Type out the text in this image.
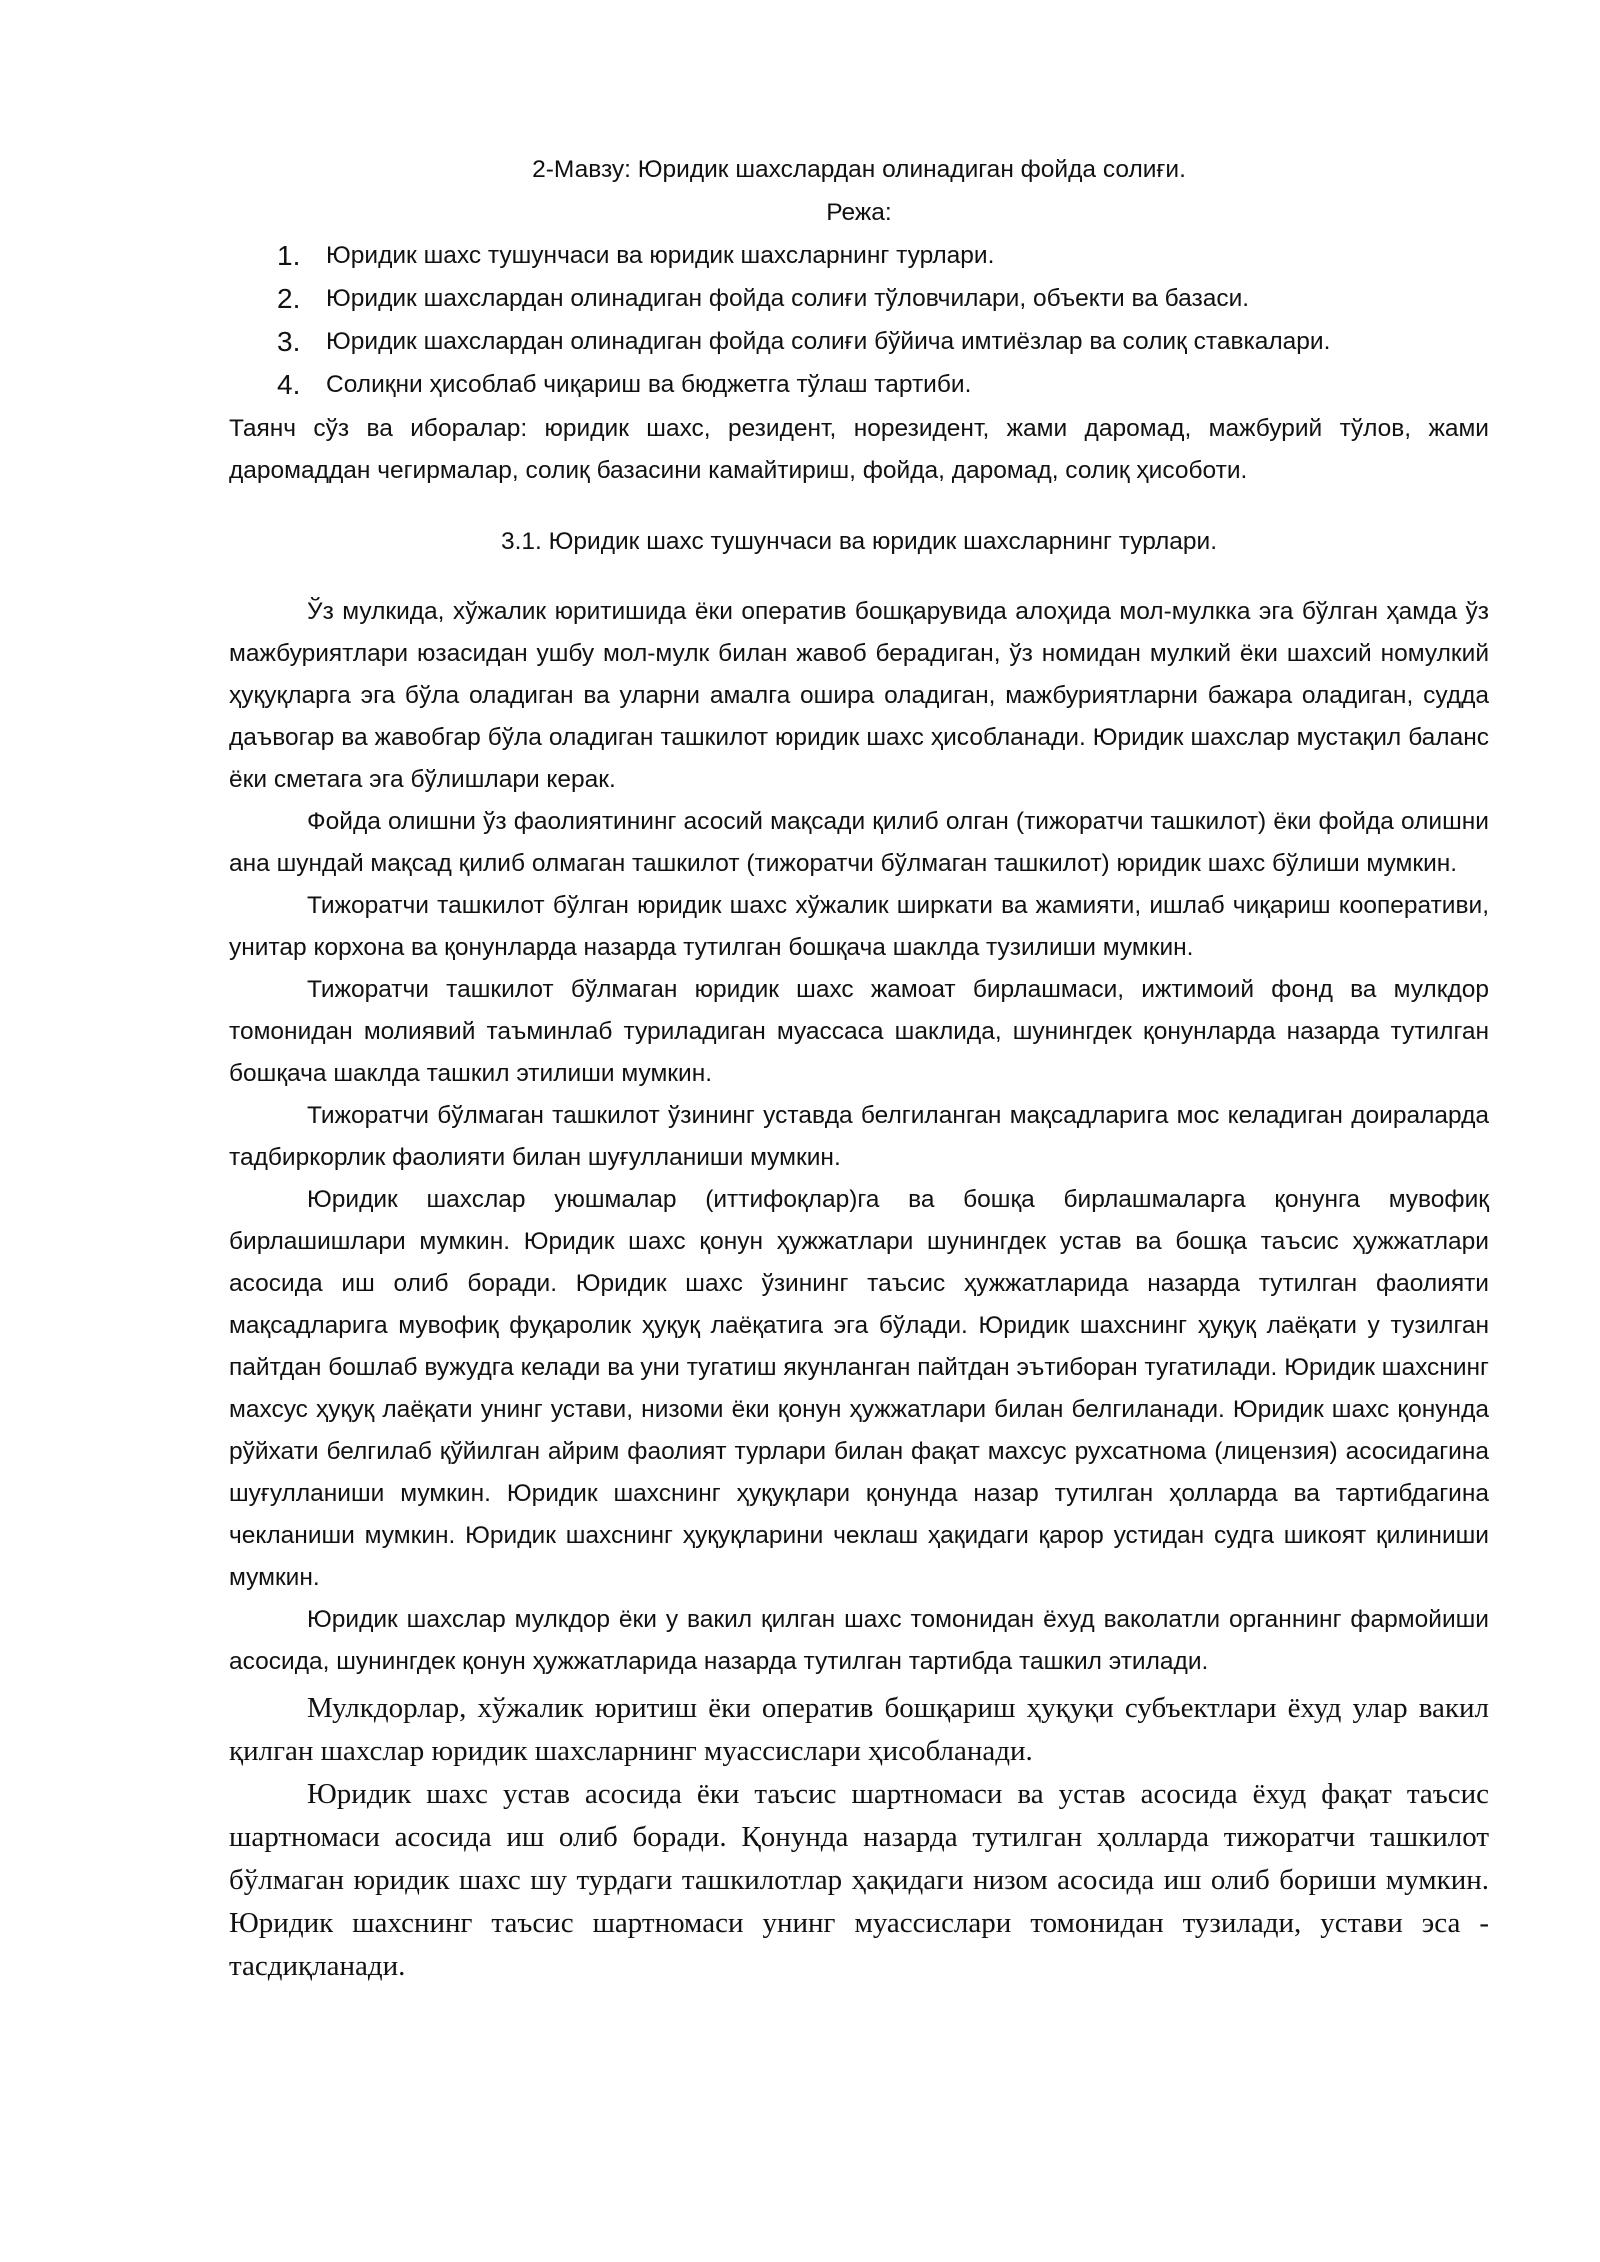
2-Мавзу: Юридик шахслардан олинадиган фойда солиғи.

Режа:

1. Юридик шахс тушунчаси ва юридик шахсларнинг турлари.
2. Юридик шахслардан олинадиган фойда солиғи тўловчилари, объекти ва базаси.
3. Юридик шахслардан олинадиган фойда солиғи бўйича имтиёзлар ва солиқ ставкалари.
4. Солиқни ҳисоблаб чиқариш ва бюджетга тўлаш тартиби.

Таянч сўз ва иборалар: юридик шахс, резидент, норезидент, жами даромад, мажбурий тўлов, жами даромаддан чегирмалар, солиқ базасини камайтириш, фойда, даромад, солиқ ҳисоботи.

3.1. Юридик шахс тушунчаси ва юридик шахсларнинг турлари.

Ўз мулкида, хўжалик юритишида ёки оператив бошқарувида алоҳида мол-мулкка эга бўлган ҳамда ўз мажбуриятлари юзасидан ушбу мол-мулк билан жавоб берадиган, ўз номидан мулкий ёки шахсий номулкий ҳуқуқларга эга бўла оладиган ва уларни амалга ошира оладиган, мажбуриятларни бажара оладиган, судда даъвогар ва жавобгар бўла оладиган ташкилот юридик шахс ҳисобланади. Юридик шахслар мустақил баланс ёки сметага эга бўлишлари керак.

Фойда олишни ўз фаолиятининг асосий мақсади қилиб олган (тижоратчи ташкилот) ёки фойда олишни ана шундай мақсад қилиб олмаган ташкилот (тижоратчи бўлмаган ташкилот) юридик шахс бўлиши мумкин.

Тижоратчи ташкилот бўлган юридик шахс хўжалик ширкати ва жамияти, ишлаб чиқариш кооперативи, унитар корхона ва қонунларда назарда тутилган бошқача шаклда тузилиши мумкин.

Тижоратчи ташкилот бўлмаган юридик шахс жамоат бирлашмаси, ижтимоий фонд ва мулкдор томонидан молиявий таъминлаб туриладиган муассаса шаклида, шунингдек қонунларда назарда тутилган бошқача шаклда ташкил этилиши мумкин.

Тижоратчи бўлмаган ташкилот ўзининг уставда белгиланган мақсадларига мос келадиган доираларда тадбиркорлик фаолияти билан шуғулланиши мумкин.

Юридик шахслар уюшмалар (иттифоқлар)га ва бошқа бирлашмаларга қонунга мувофиқ бирлашишлари мумкин. Юридик шахс қонун ҳужжатлари шунингдек устав ва бошқа таъсис ҳужжатлари асосида иш олиб боради. Юридик шахс ўзининг таъсис ҳужжатларида назарда тутилган фаолияти мақсадларига мувофиқ фуқаролик ҳуқуқ лаёқатига эга бўлади. Юридик шахснинг ҳуқуқ лаёқати у тузилган пайтдан бошлаб вужудга келади ва уни тугатиш якунланган пайтдан эътиборан тугатилади. Юридик шахснинг махсус ҳуқуқ лаёқати унинг устави, низоми ёки қонун ҳужжатлари билан белгиланади. Юридик шахс қонунда рўйхати белгилаб қўйилган айрим фаолият турлари билан фақат махсус рухсатнома (лицензия) асосидагина шуғулланиши мумкин. Юридик шахснинг ҳуқуқлари қонунда назар тутилган ҳолларда ва тартибдагина чекланиши мумкин. Юридик шахснинг ҳуқуқларини чеклаш ҳақидаги қарор устидан судга шикоят қилиниши мумкин.

Юридик шахслар мулкдор ёки у вакил қилган шахс томонидан ёхуд ваколатли органнинг фармойиши асосида, шунингдек қонун ҳужжатларида назарда тутилган тартибда ташкил этилади.

Мулкдорлар, хўжалик юритиш ёки оператив бошқариш ҳуқуқи субъектлари ёхуд улар вакил қилган шахслар юридик шахсларнинг муассислари ҳисобланади.

Юридик шахс устав асосида ёки таъсис шартномаси ва устав асосида ёхуд фақат таъсис шартномаси асосида иш олиб боради. Қонунда назарда тутилган ҳолларда тижоратчи ташкилот бўлмаган юридик шахс шу турдаги ташкилотлар ҳақидаги низом асосида иш олиб бориши мумкин. Юридик шахснинг таъсис шартномаси унинг муассислари томонидан тузилади, устави эса - тасдиқланади.
